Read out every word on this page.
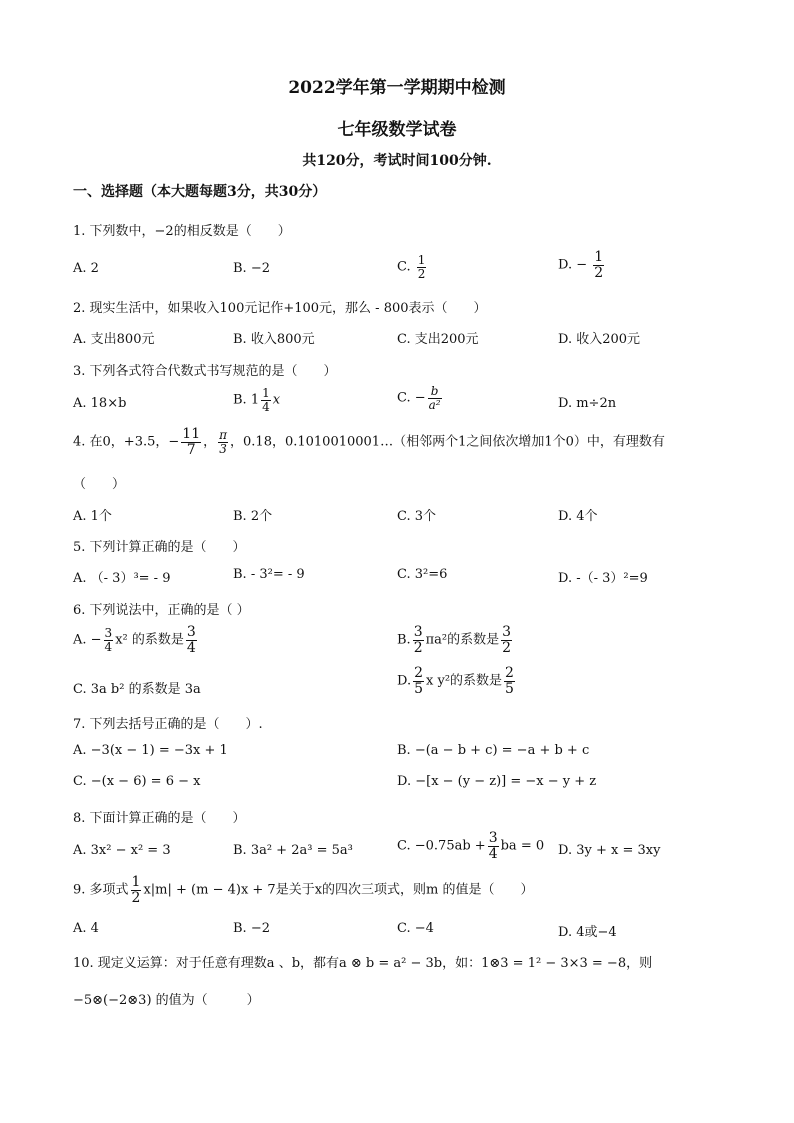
2022学年第一学期期中检测
七年级数学试卷
共120分，考试时间100分钟.
一、选择题（本大题每题3分，共30分）
1. 下列数中，−2的相反数是（　　）
A. 2	B. −2	C. $\frac{1}{2}$	D. − $\frac{1}{2}$
2. 现实生活中，如果收入100元记作+100元，那么 - 800表示（　　）
A. 支出800元	B. 收入800元	C. 支出200元	D. 收入200元
3. 下列各式符合代数式书写规范的是（　　）
A. 18×b	B. $1 \frac{1}{4}$ x	C. − $\frac{b}{\text{a²}}$	D. m÷2n
4. 在0，+3.5，− $\frac{11}{7}$ ， $\frac{\pi}{3}$ ，0.18，0.1010010001…（相邻两个1之间依次增加1个0）中，有理数有
（　　）
A. 1个	B. 2个	C. 3个	D. 4个
5. 下列计算正确的是（　　）
A. （- 3）³= - 9	B. - 3²= - 9	C. 3²=6	D. -（- 3）²=9
6. 下列说法中，正确的是（ ）
A. − $\frac{3}{4} x^2$ 的系数是 $\frac{3}{4}$	B. $\frac{3}{2} \pi a^2$的系数是 $\frac{3}{2}$
C. 3a b² 的系数是 3a
D. $\frac{2}{5}$ x y²的系数是 $\frac{2}{5}$
7. 下列去括号正确的是（　　）.
A. −3(x − 1) = −3x + 1	B. −(a − b + c) = −a + b + c
C. −(x − 6) = 6 − x	D. −[x − (y − z)] = −x − y + z
8. 下面计算正确的是（　　）
A. 3x² − x² = 3	B. 3a² + 2a³ = 5a³	C. $-0.75ab + \frac{3}{4}$ ba = 0 D. 3y + x = 3xy
9. 多项式 $\frac{1}{2} x|m| + (m - 4)x + 7$是关于x的四次三项式，则m 的值是（　　）
A. 4	B. −2	C. −4	D. 4或−4
10. 现定义运算：对于任意有理数a 、b，都有a ⊗ b = a² − 3b，如：1⊗3 = 1² − 3×3 = −8，则
−5⊗(−2⊗3) 的值为（　　　）
